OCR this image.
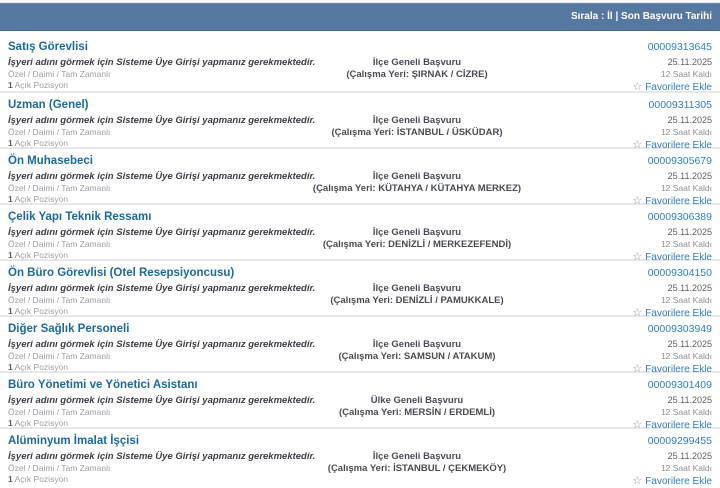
Sırala : İl | Son Başvuru Tarihi
Satış Görevlisi
İşyeri adını görmek için Sisteme Üye Girişi yapmanız gerekmektedir.
Özel / Daimi / Tam Zamanlı
1 Açık Pozisyon
İlçe Geneli Başvuru
(Çalışma Yeri: ŞIRNAK / CİZRE)
00009313645
25.11.2025
12 Saat Kaldı
☆ Favorilere Ekle
Uzman (Genel)
İşyeri adını görmek için Sisteme Üye Girişi yapmanız gerekmektedir.
Özel / Daimi / Tam Zamanlı
1 Açık Pozisyon
İlçe Geneli Başvuru
(Çalışma Yeri: İSTANBUL / ÜSKÜDAR)
00009311305
25.11.2025
12 Saat Kaldı
☆ Favorilere Ekle
Ön Muhasebeci
İşyeri adını görmek için Sisteme Üye Girişi yapmanız gerekmektedir.
Özel / Daimi / Tam Zamanlı
1 Açık Pozisyon
İlçe Geneli Başvuru
(Çalışma Yeri: KÜTAHYA / KÜTAHYA MERKEZ)
00009305679
25.11.2025
12 Saat Kaldı
☆ Favorilere Ekle
Çelik Yapı Teknik Ressamı
İşyeri adını görmek için Sisteme Üye Girişi yapmanız gerekmektedir.
Özel / Daimi / Tam Zamanlı
1 Açık Pozisyon
İlçe Geneli Başvuru
(Çalışma Yeri: DENİZLİ / MERKEZEFENDİ)
00009306389
25.11.2025
12 Saat Kaldı
☆ Favorilere Ekle
Ön Büro Görevlisi (Otel Resepsiyoncusu)
İşyeri adını görmek için Sisteme Üye Girişi yapmanız gerekmektedir.
Özel / Daimi / Tam Zamanlı
1 Açık Pozisyon
İlçe Geneli Başvuru
(Çalışma Yeri: DENİZLİ / PAMUKKALE)
00009304150
25.11.2025
12 Saat Kaldı
☆ Favorilere Ekle
Diğer Sağlık Personeli
İşyeri adını görmek için Sisteme Üye Girişi yapmanız gerekmektedir.
Özel / Daimi / Tam Zamanlı
1 Açık Pozisyon
İlçe Geneli Başvuru
(Çalışma Yeri: SAMSUN / ATAKUM)
00009303949
25.11.2025
12 Saat Kaldı
☆ Favorilere Ekle
Büro Yönetimi ve Yönetici Asistanı
İşyeri adını görmek için Sisteme Üye Girişi yapmanız gerekmektedir.
Özel / Daimi / Tam Zamanlı
1 Açık Pozisyon
Ülke Geneli Başvuru
(Çalışma Yeri: MERSİN / ERDEMLİ)
00009301409
25.11.2025
12 Saat Kaldı
☆ Favorilere Ekle
Alüminyum İmalat İşçisi
İşyeri adını görmek için Sisteme Üye Girişi yapmanız gerekmektedir.
Özel / Daimi / Tam Zamanlı
1 Açık Pozisyon
İlçe Geneli Başvuru
(Çalışma Yeri: İSTANBUL / ÇEKMEKÖY)
00009299455
25.11.2025
12 Saat Kaldı
☆ Favorilere Ekle
